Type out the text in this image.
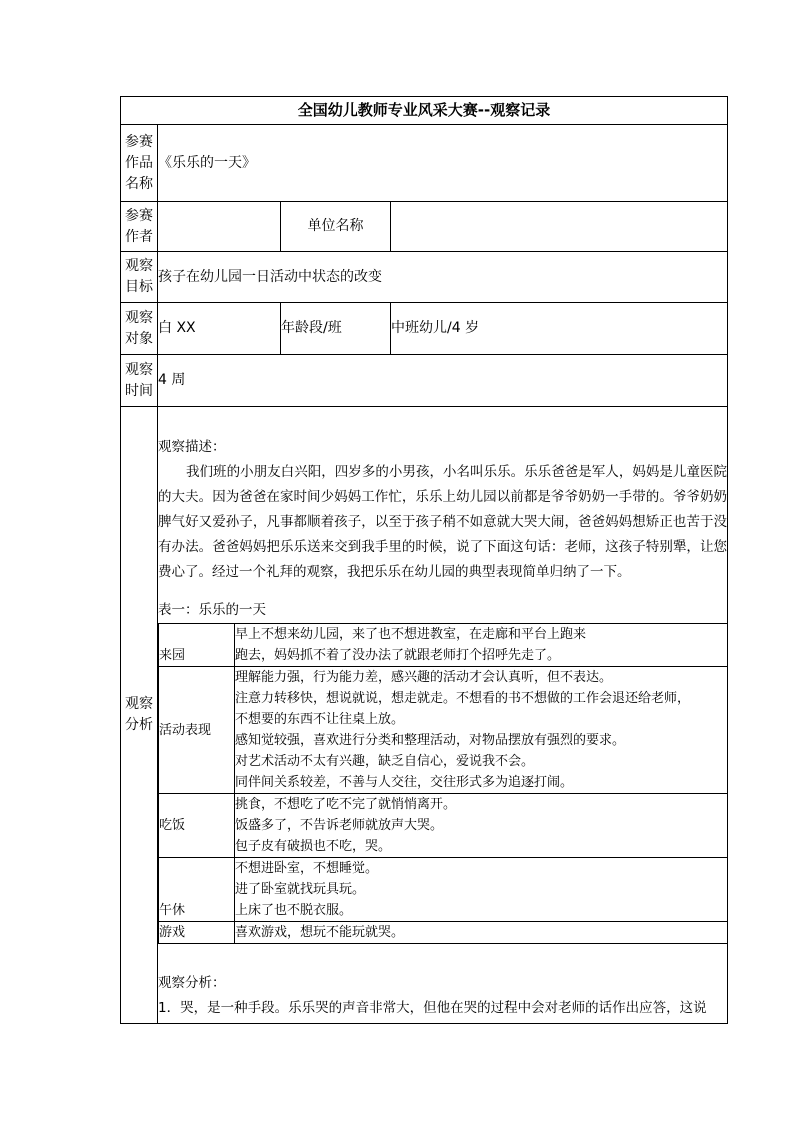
全国幼儿教师专业风采大赛--观察记录
参赛作品名称	《乐乐的一天》
参赛作者		单位名称	
观察目标	孩子在幼儿园一日活动中状态的改变
观察对象	白 XX	年龄段/班	中班幼儿/4 岁
观察时间	4 周
观察分析	

观察描述：

我们班的小朋友白兴阳，四岁多的小男孩，小名叫乐乐。乐乐爸爸是军人，妈妈是儿童医院的大夫。因为爸爸在家时间少妈妈工作忙，乐乐上幼儿园以前都是爷爷奶奶一手带的。爷爷奶奶脾气好又爱孙子，凡事都顺着孩子，以至于孩子稍不如意就大哭大闹，爸爸妈妈想矫正也苦于没有办法。爸爸妈妈把乐乐送来交到我手里的时候，说了下面这句话：老师，这孩子特别犟，让您费心了。经过一个礼拜的观察，我把乐乐在幼儿园的典型表现简单归纳了一下。

表一：乐乐的一天

来园	
早上不想来幼儿园，来了也不想进教室，在走廊和平台上跑来
跑去，妈妈抓不着了没办法了就跟老师打个招呼先走了。

活动表现	
理解能力强，行为能力差，感兴趣的活动才会认真听，但不表达。
注意力转移快，想说就说，想走就走。不想看的书不想做的工作会退还给老师，
不想要的东西不让往桌上放。
感知觉较强，喜欢进行分类和整理活动，对物品摆放有强烈的要求。
对艺术活动不太有兴趣，缺乏自信心，爱说我不会。
同伴间关系较差，不善与人交往，交往形式多为追逐打闹。

吃饭	
挑食，不想吃了吃不完了就悄悄离开。
饭盛多了，不告诉老师就放声大哭。
包子皮有破损也不吃，哭。

午休	
不想进卧室，不想睡觉。
进了卧室就找玩具玩。
上床了也不脱衣服。

游戏	喜欢游戏，想玩不能玩就哭。

观察分析：

1．哭，是一种手段。乐乐哭的声音非常大，但他在哭的过程中会对老师的话作出应答，这说
